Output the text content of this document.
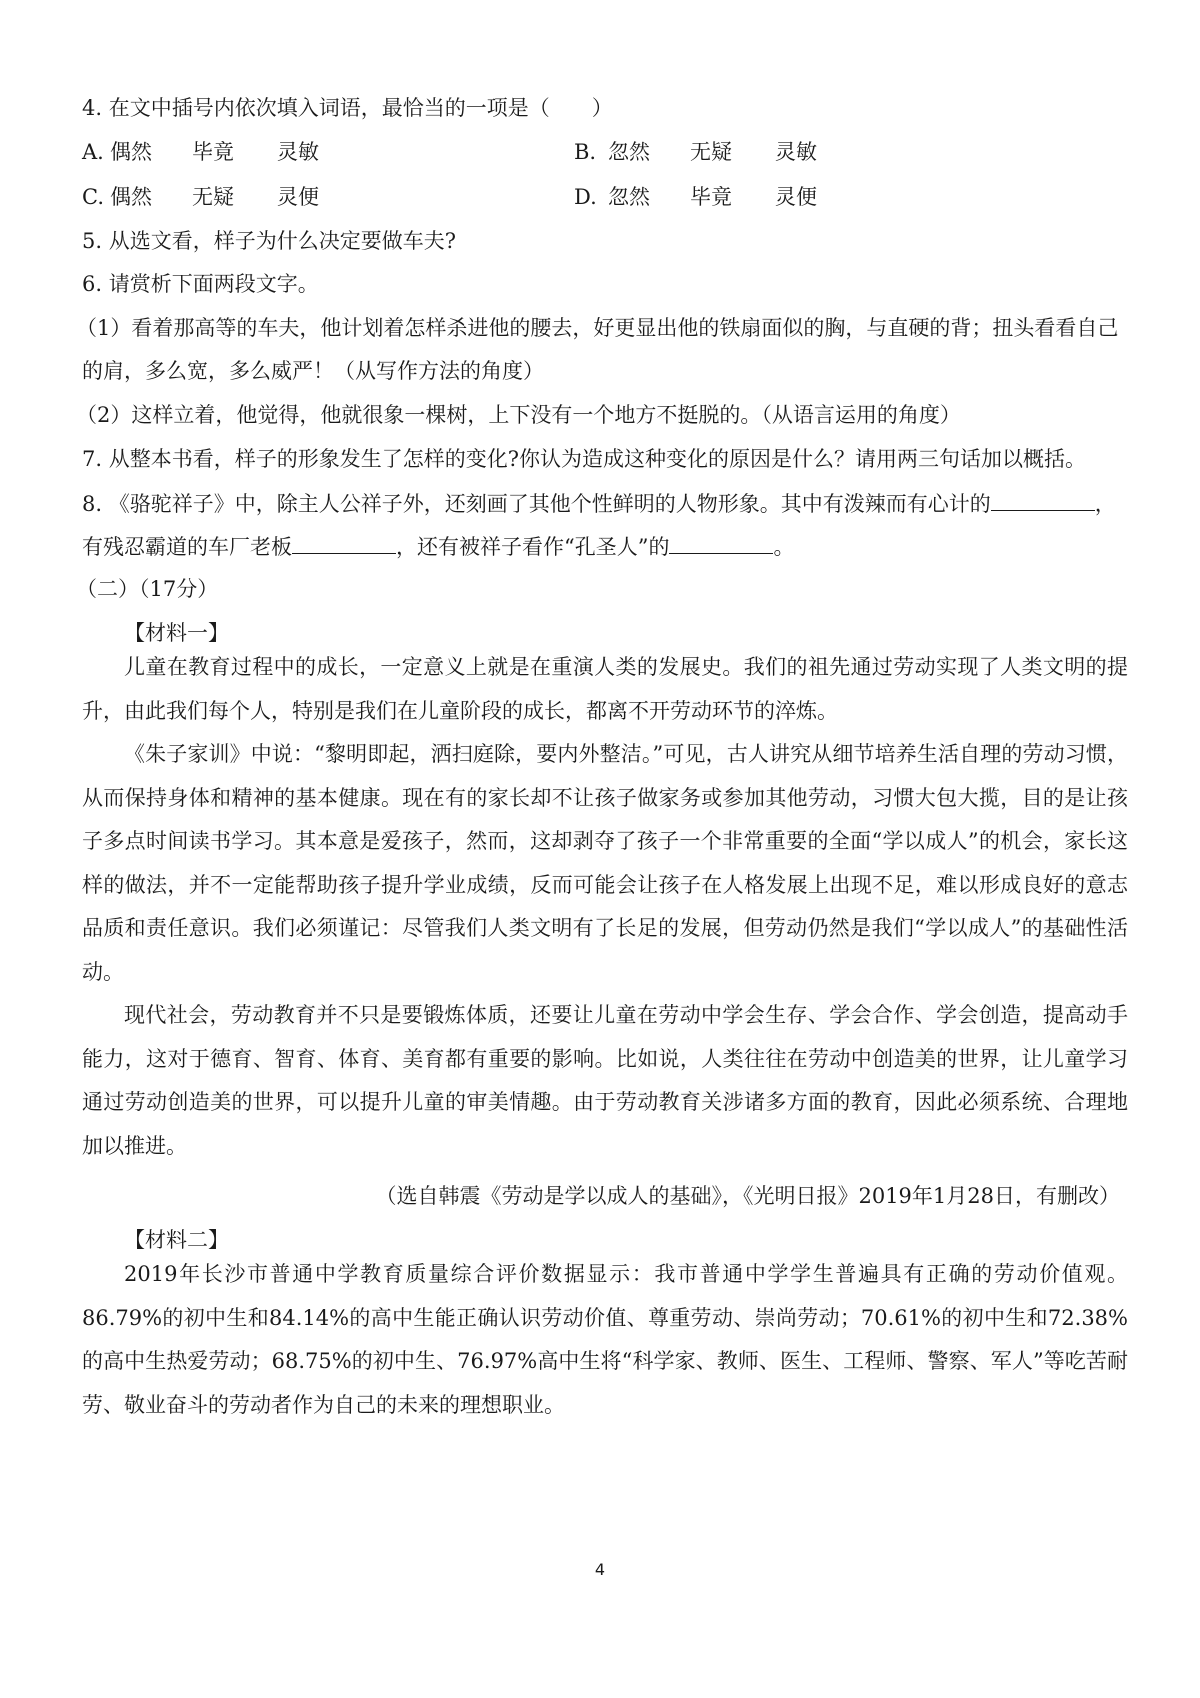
4. 在文中插号内依次填入词语，最恰当的一项是（　　）
A. 偶然 毕竟 灵敏	B. 忽然 无疑 灵敏
C. 偶然 无疑 灵便	D. 忽然 毕竟 灵便
5. 从选文看，样子为什么决定要做车夫?
6. 请赏析下面两段文字。
（1）看着那高等的车夫，他计划着怎样杀进他的腰去，好更显出他的铁扇面似的胸，与直硬的背；扭头看看自己
的肩，多么宽，多么威严！（从写作方法的角度）
（2）这样立着，他觉得，他就很象一棵树，上下没有一个地方不挺脱的。（从语言运用的角度）
7. 从整本书看，样子的形象发生了怎样的变化?你认为造成这种变化的原因是什么？请用两三句话加以概括。
8. 《骆驼祥子》中，除主人公祥子外，还刻画了其他个性鲜明的人物形象。其中有泼辣而有心计的	，
有残忍霸道的车厂老板	，还有被祥子看作“孔圣人”的	。
（二）（17分）
【材料一】
儿童在教育过程中的成长，一定意义上就是在重演人类的发展史。我们的祖先通过劳动实现了人类文明的提升，由此我们每个人，特别是我们在儿童阶段的成长，都离不开劳动环节的淬炼。
《朱子家训》中说：“黎明即起，洒扫庭除，要内外整洁。”可见，古人讲究从细节培养生活自理的劳动习惯，从而保持身体和精神的基本健康。现在有的家长却不让孩子做家务或参加其他劳动，习惯大包大揽，目的是让孩子多点时间读书学习。其本意是爱孩子，然而，这却剥夺了孩子一个非常重要的全面“学以成人”的机会，家长这样的做法，并不一定能帮助孩子提升学业成绩，反而可能会让孩子在人格发展上出现不足，难以形成良好的意志品质和责任意识。我们必须谨记：尽管我们人类文明有了长足的发展，但劳动仍然是我们“学以成人”的基础性活动。
现代社会，劳动教育并不只是要锻炼体质，还要让儿童在劳动中学会生存、学会合作、学会创造，提高动手能力，这对于德育、智育、体育、美育都有重要的影响。比如说，人类往往在劳动中创造美的世界，让儿童学习通过劳动创造美的世界，可以提升儿童的审美情趣。由于劳动教育关涉诸多方面的教育，因此必须系统、合理地加以推进。
（选自韩震《劳动是学以成人的基础》，《光明日报》2019年1月28日，有删改）
【材料二】
2019年长沙市普通中学教育质量综合评价数据显示：我市普通中学学生普遍具有正确的劳动价值观。86.79%的初中生和84.14%的高中生能正确认识劳动价值、尊重劳动、崇尚劳动；70.61%的初中生和72.38%的高中生热爱劳动；68.75%的初中生、76.97%高中生将“科学家、教师、医生、工程师、警察、军人”等吃苦耐劳、敬业奋斗的劳动者作为自己的未来的理想职业。
4
